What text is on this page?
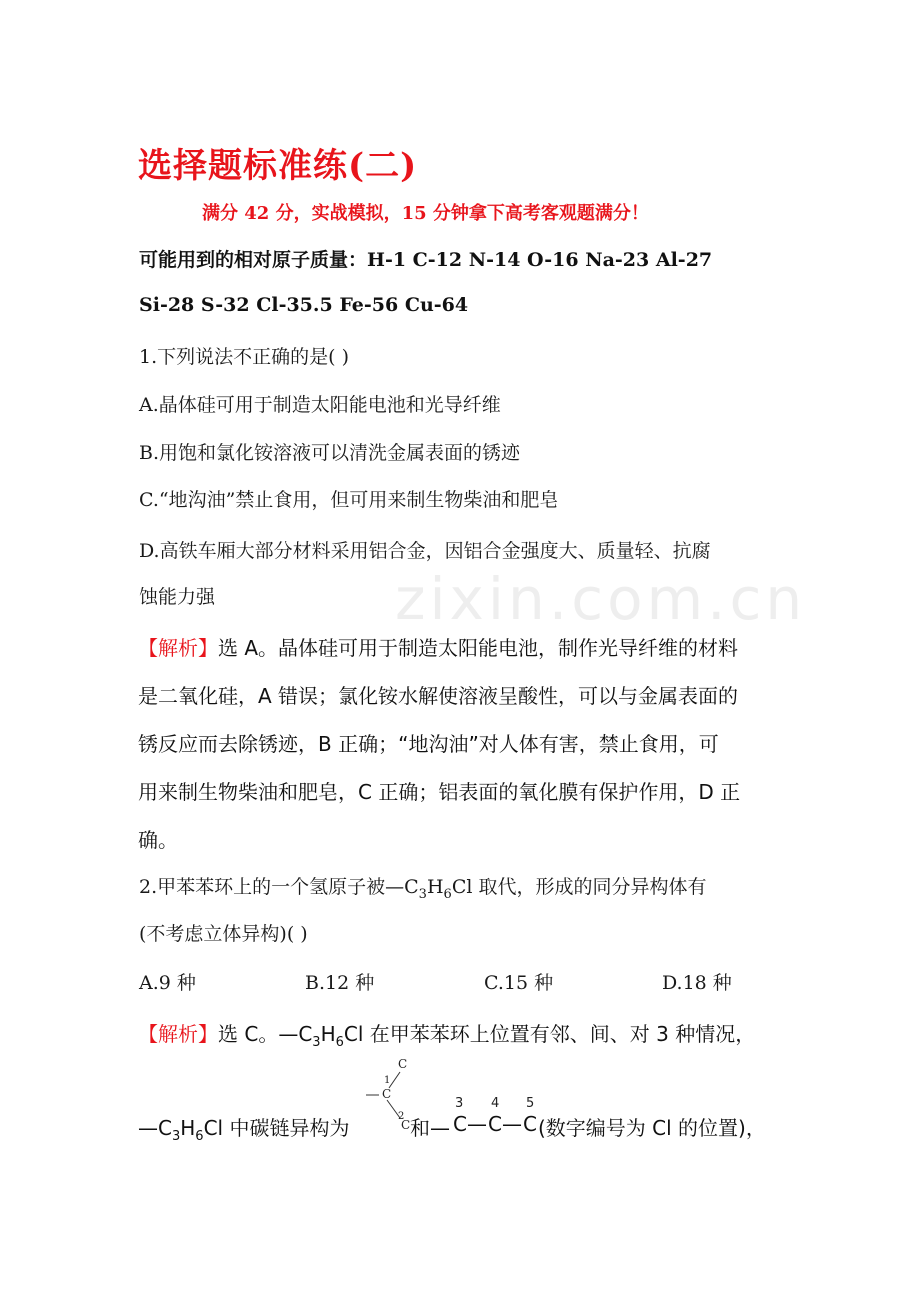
zixin.com.cn
选择题标准练(二)
满分 42 分，实战模拟，15 分钟拿下高考客观题满分！
可能用到的相对原子质量：H-1 C-12 N-14 O-16 Na-23 Al-27
Si-28 S-32 Cl-35.5 Fe-56 Cu-64
1.下列说法不正确的是( )
A.晶体硅可用于制造太阳能电池和光导纤维
B.用饱和氯化铵溶液可以清洗金属表面的锈迹
C.“地沟油”禁止食用，但可用来制生物柴油和肥皂
D.高铁车厢大部分材料采用铝合金，因铝合金强度大、质量轻、抗腐
蚀能力强
【解析】选 A。晶体硅可用于制造太阳能电池，制作光导纤维的材料
是二氧化硅，A 错误；氯化铵水解使溶液呈酸性，可以与金属表面的
锈反应而去除锈迹，B 正确；“地沟油”对人体有害，禁止食用，可
用来制生物柴油和肥皂，C 正确；铝表面的氧化膜有保护作用，D 正
确。
2.甲苯苯环上的一个氢原子被$—C_3H_6Cl$ 取代，形成的同分异构体有
(不考虑立体异构)( )
A.9 种	B.12 种	C.15 种	D.18 种
【解析】选 C。$—C_3H_6Cl$ 在甲苯苯环上位置有邻、间、对 3 种情况，
C
C
1
2
C
$—C_3H_6Cl$ 中碳链异构为	和— C — C — C
3 4 5
(数字编号为 Cl 的位置)，
